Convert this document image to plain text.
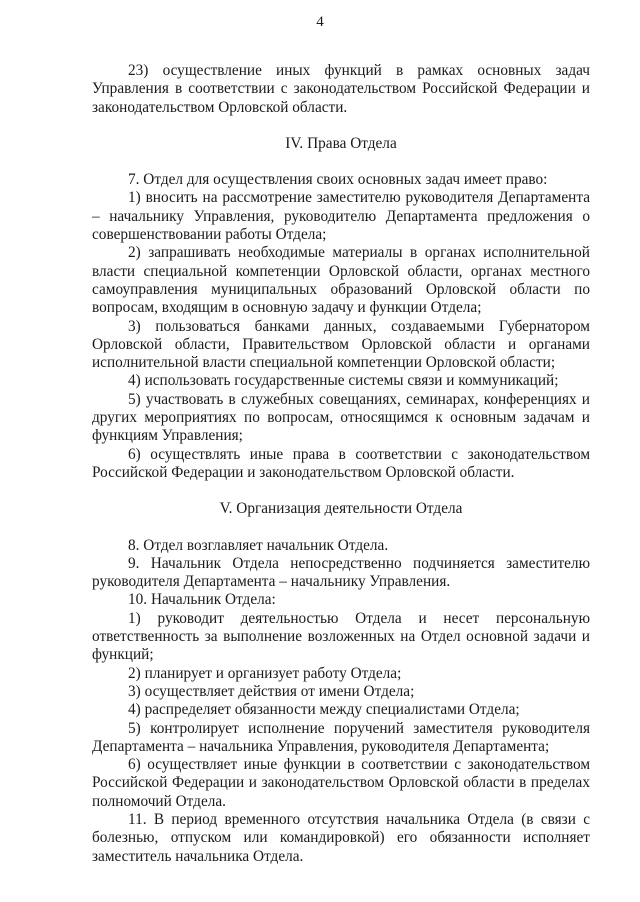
4

23) осуществление иных функций в рамках основных задач Управления в соответствии с законодательством Российской Федерации и законодательством Орловской области.

IV. Права Отдела

7. Отдел для осуществления своих основных задач имеет право:

1) вносить на рассмотрение заместителю руководителя Департамента – начальнику Управления, руководителю Департамента предложения о совершенствовании работы Отдела;

2) запрашивать необходимые материалы в органах исполнительной власти специальной компетенции Орловской области, органах местного самоуправления муниципальных образований Орловской области по вопросам, входящим в основную задачу и функции Отдела;

3) пользоваться банками данных, создаваемыми Губернатором Орловской области, Правительством Орловской области и органами исполнительной власти специальной компетенции Орловской области;

4) использовать государственные системы связи и коммуникаций;

5) участвовать в служебных совещаниях, семинарах, конференциях и других мероприятиях по вопросам, относящимся к основным задачам и функциям Управления;

6) осуществлять иные права в соответствии с законодательством Российской Федерации и законодательством Орловской области.

V. Организация деятельности Отдела

8. Отдел возглавляет начальник Отдела.

9. Начальник Отдела непосредственно подчиняется заместителю руководителя Департамента – начальнику Управления.

10. Начальник Отдела:

1) руководит деятельностью Отдела и несет персональную ответственность за выполнение возложенных на Отдел основной задачи и функций;

2) планирует и организует работу Отдела;

3) осуществляет действия от имени Отдела;

4) распределяет обязанности между специалистами Отдела;

5) контролирует исполнение поручений заместителя руководителя Департамента – начальника Управления, руководителя Департамента;

6) осуществляет иные функции в соответствии с законодательством Российской Федерации и законодательством Орловской области в пределах полномочий Отдела.

11. В период временного отсутствия начальника Отдела (в связи с болезнью, отпуском или командировкой) его обязанности исполняет заместитель начальника Отдела.
